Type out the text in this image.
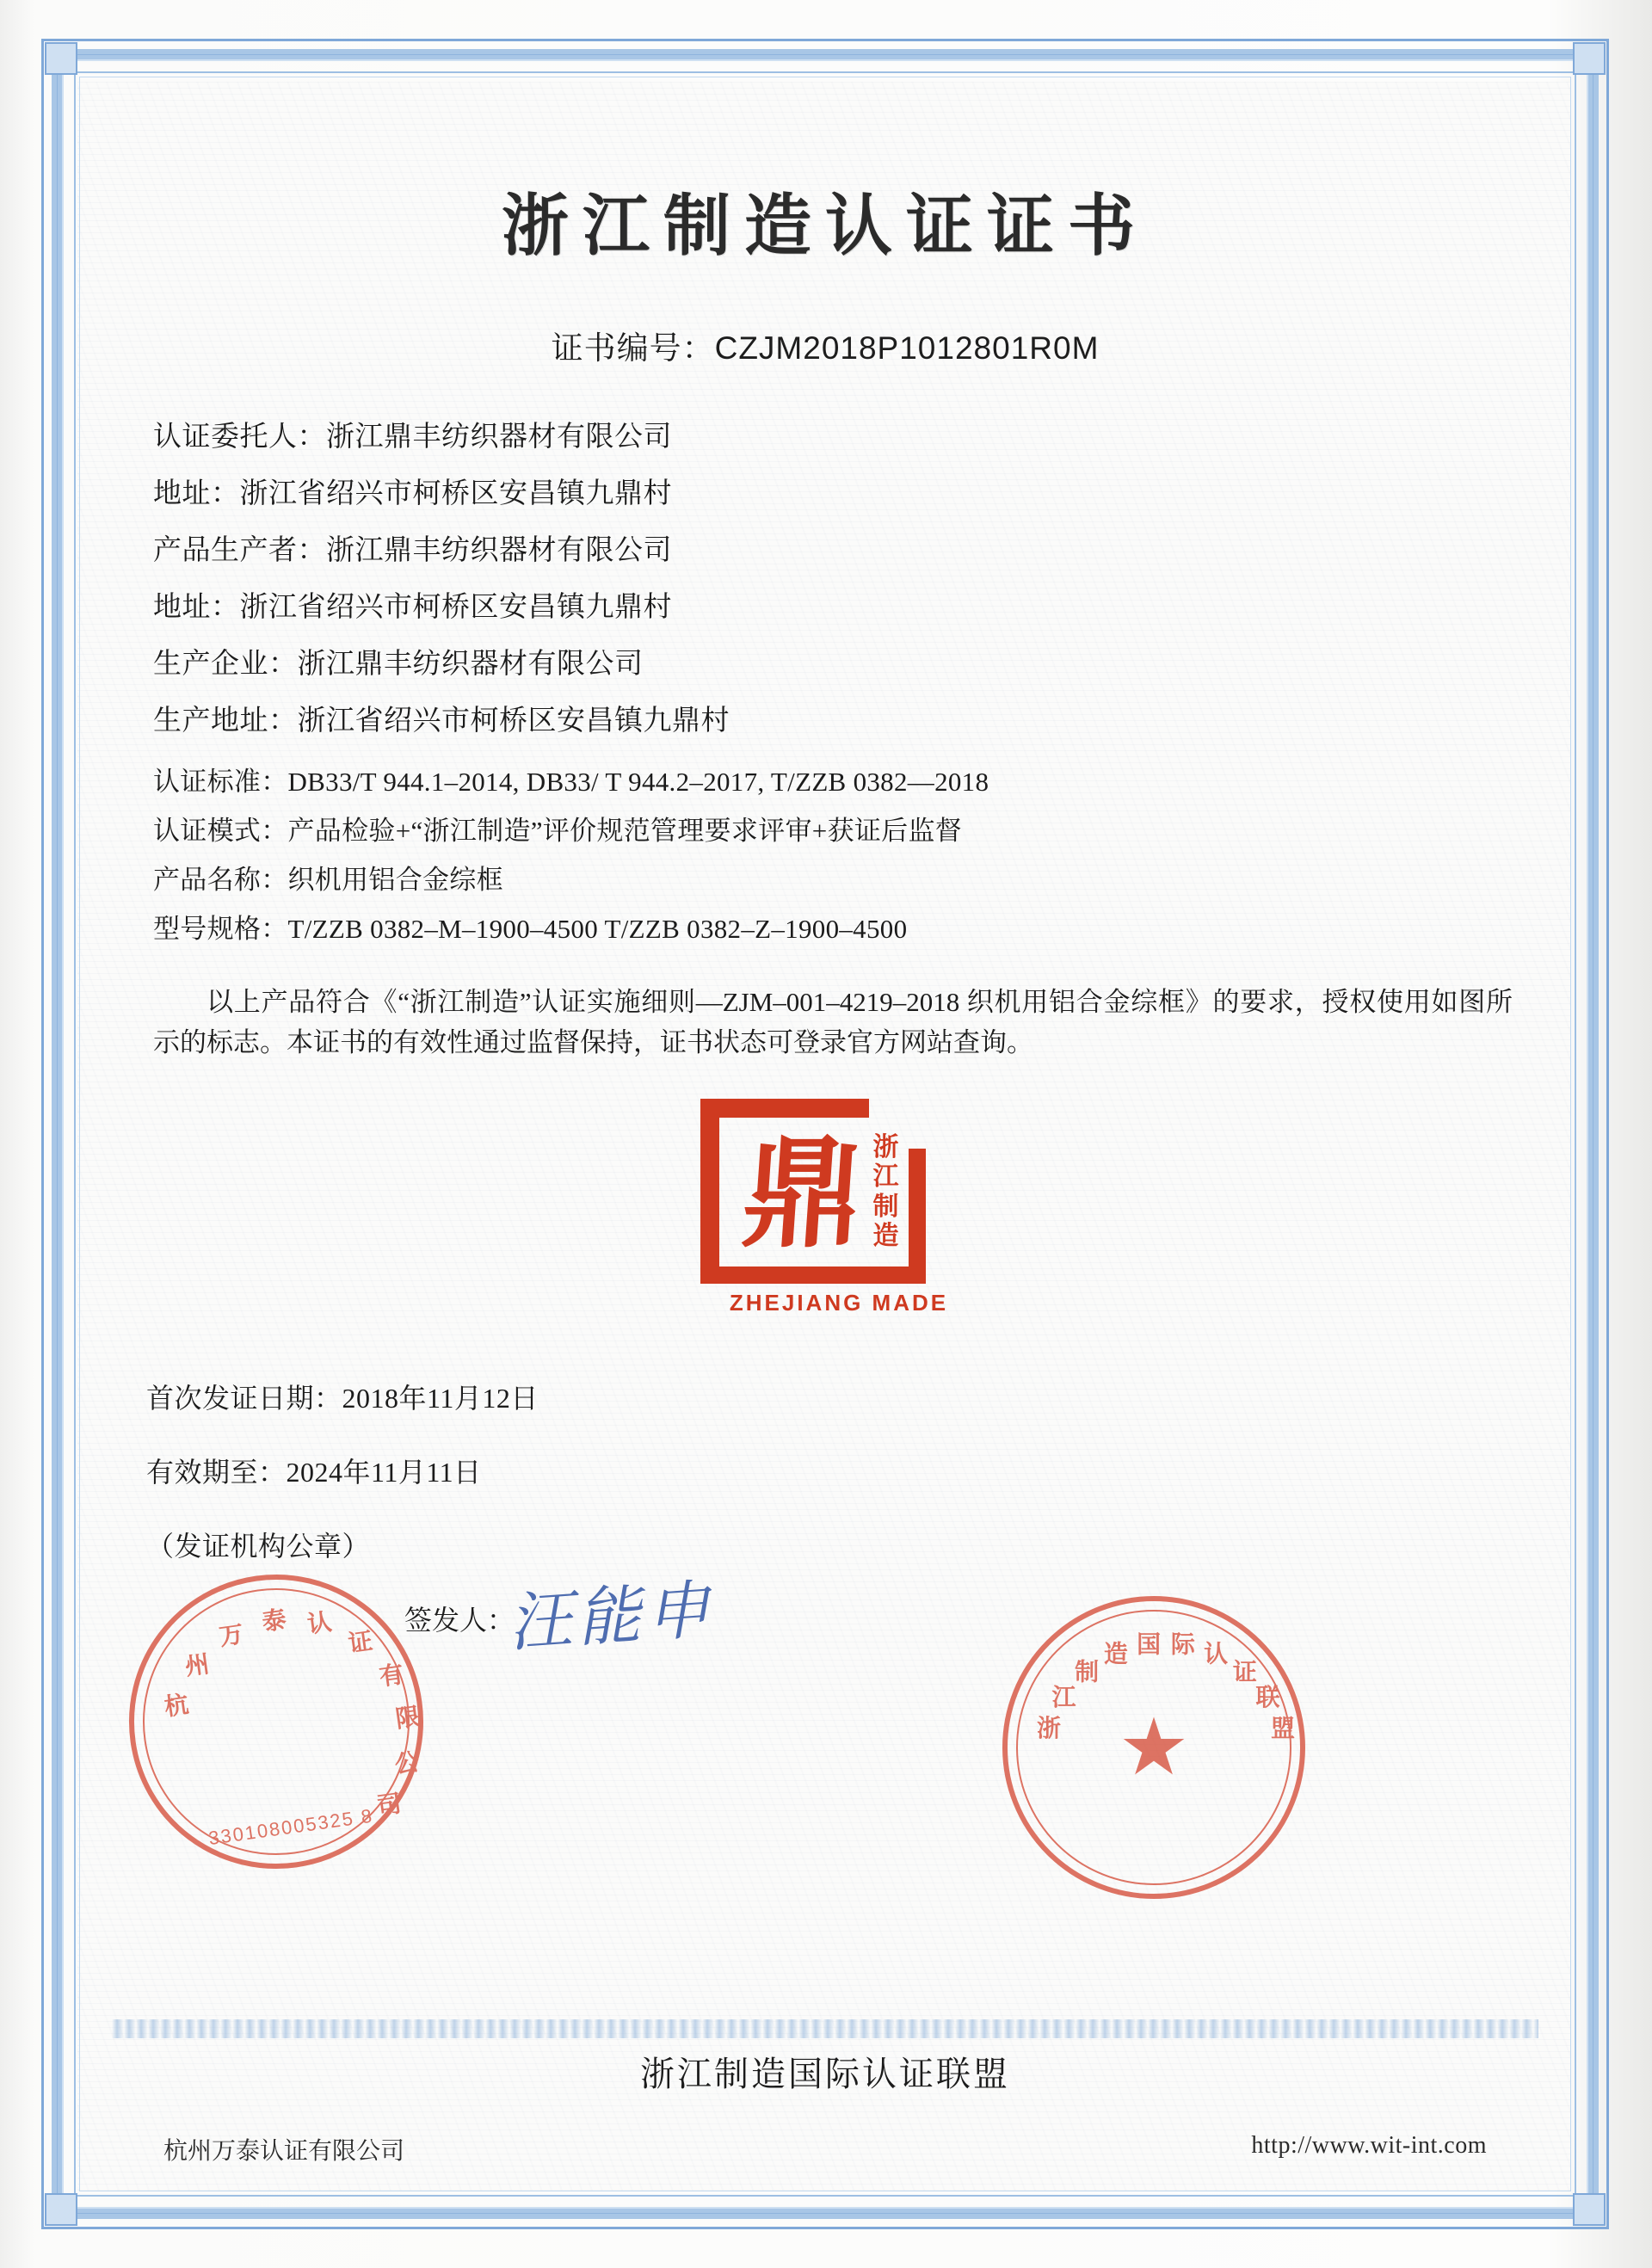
浙江制造认证证书
证书编号：CZJM2018P1012801R0M
认证委托人：浙江鼎丰纺织器材有限公司
地址：浙江省绍兴市柯桥区安昌镇九鼎村
产品生产者：浙江鼎丰纺织器材有限公司
地址：浙江省绍兴市柯桥区安昌镇九鼎村
生产企业：浙江鼎丰纺织器材有限公司
生产地址：浙江省绍兴市柯桥区安昌镇九鼎村
认证标准：DB33/T 944.1–2014, DB33/ T 944.2–2017, T/ZZB 0382—2018
认证模式：产品检验+“浙江制造”评价规范管理要求评审+获证后监督
产品名称：织机用铝合金综框
型号规格：T/ZZB 0382–M–1900–4500 T/ZZB 0382–Z–1900–4500
以上产品符合《“浙江制造”认证实施细则—ZJM–001–4219–2018 织机用铝合金综框》的要求，授权使用如图所示的标志。本证书的有效性通过监督保持，证书状态可登录官方网站查询。
鼎 浙江制造
ZHEJIANG MADE
首次发证日期：2018年11月12日
有效期至：2024年11月11日
（发证机构公章）
签发人：
汪能申
杭
州
万 泰 认
证
有
限
公
司
330108005325 8
★
浙
江
制
造 国 际 认
证
联
盟
浙江制造国际认证联盟
杭州万泰认证有限公司	http://www.wit-int.com
